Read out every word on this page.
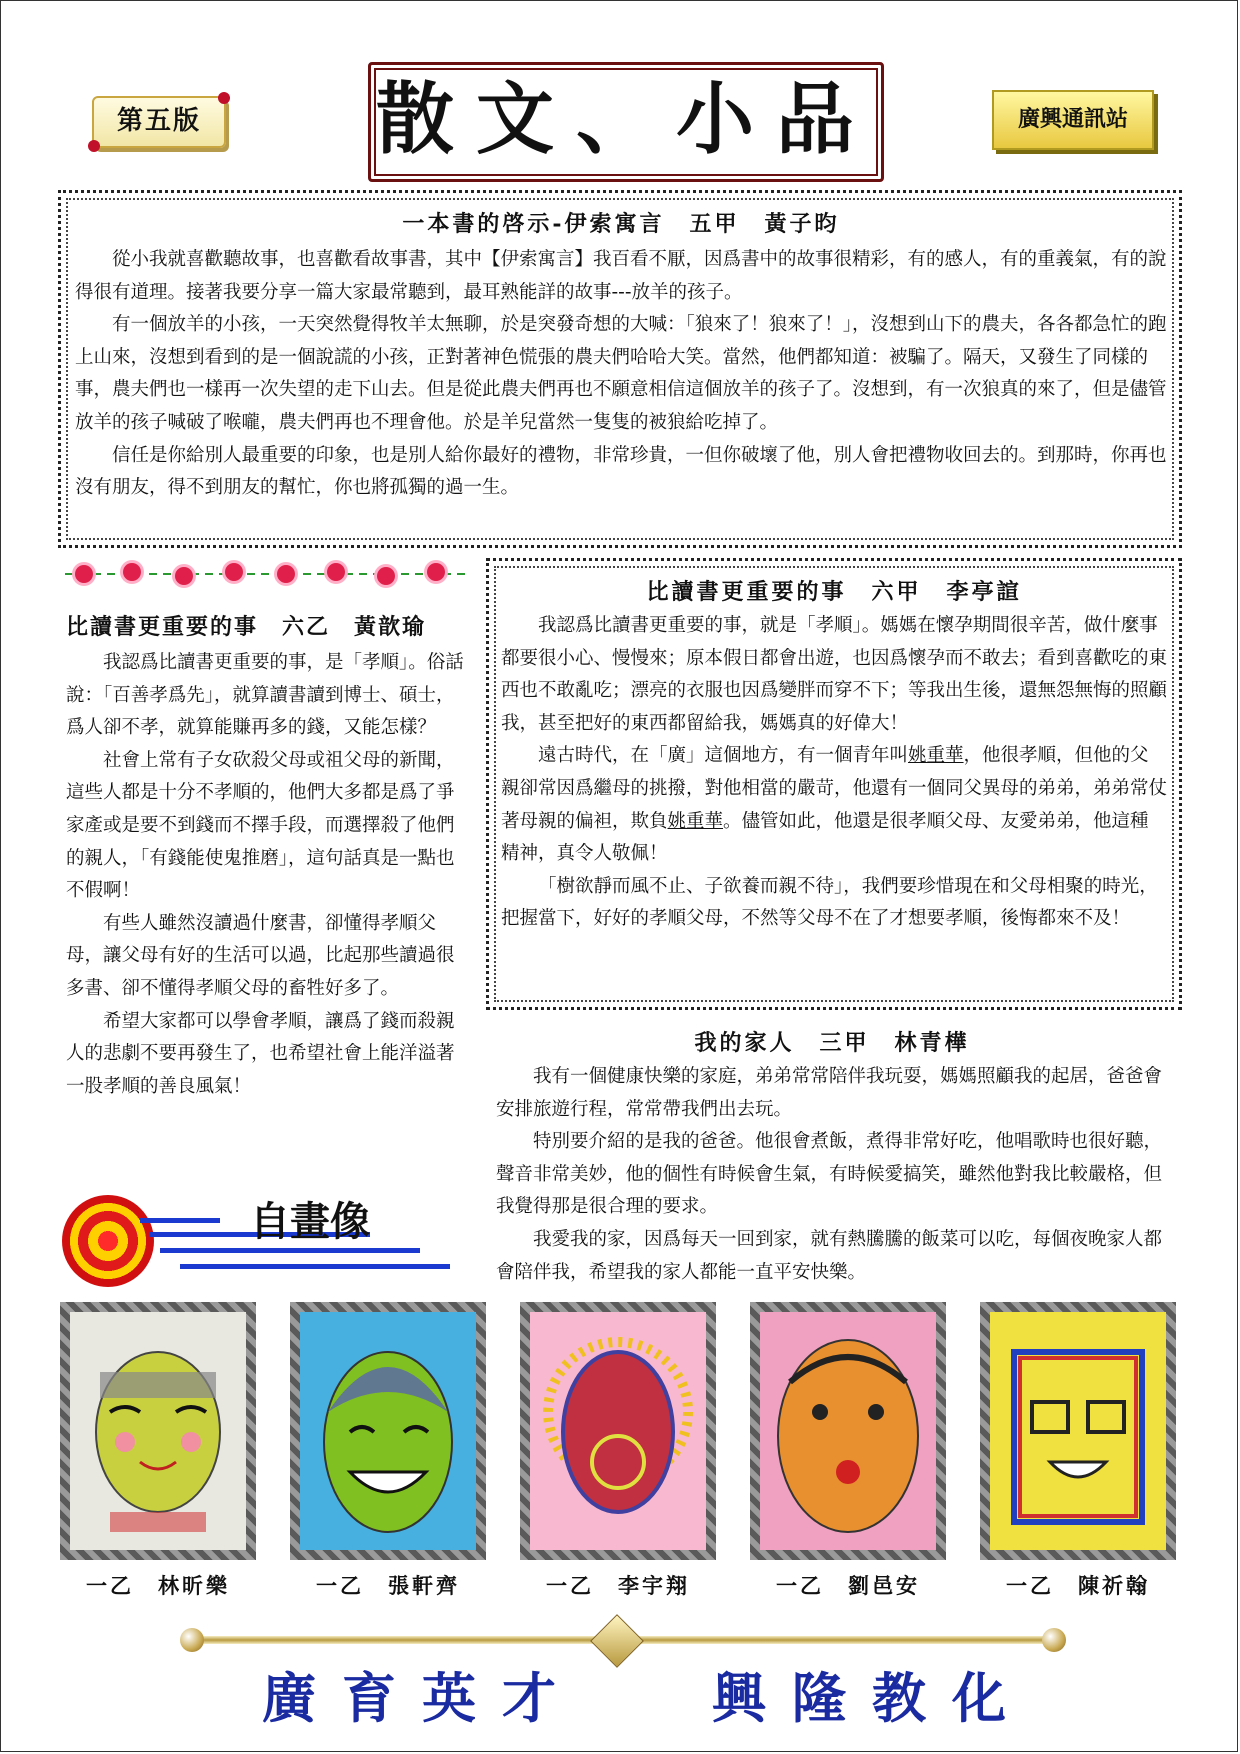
第五版	散文、小品	廣興通訊站
一本書的啓示-伊索寓言　五甲　黃子昀

從小我就喜歡聽故事，也喜歡看故事書，其中【伊索寓言】我百看不厭，因爲書中的故事很精彩，有的感人，有的重義氣，有的說得很有道理。接著我要分享一篇大家最常聽到，最耳熟能詳的故事---放羊的孩子。

有一個放羊的小孩，一天突然覺得牧羊太無聊，於是突發奇想的大喊：「狼來了！狼來了！」，沒想到山下的農夫，各各都急忙的跑上山來，沒想到看到的是一個說謊的小孩，正對著神色慌張的農夫們哈哈大笑。當然，他們都知道：被騙了。隔天，又發生了同樣的事，農夫們也一樣再一次失望的走下山去。但是從此農夫們再也不願意相信這個放羊的孩子了。沒想到，有一次狼真的來了，但是儘管放羊的孩子喊破了喉嚨，農夫們再也不理會他。於是羊兒當然一隻隻的被狼給吃掉了。

信任是你給別人最重要的印象，也是別人給你最好的禮物，非常珍貴，一但你破壞了他，別人會把禮物收回去的。到那時，你再也沒有朋友，得不到朋友的幫忙，你也將孤獨的過一生。

比讀書更重要的事　六乙　黃歆瑜

我認爲比讀書更重要的事，是「孝順」。俗話說：「百善孝爲先」，就算讀書讀到博士、碩士，爲人卻不孝，就算能賺再多的錢，又能怎樣？

社會上常有子女砍殺父母或祖父母的新聞，這些人都是十分不孝順的，他們大多都是爲了爭家產或是要不到錢而不擇手段，而選擇殺了他們的親人，「有錢能使鬼推磨」，這句話真是一點也不假啊！

有些人雖然沒讀過什麼書，卻懂得孝順父母，讓父母有好的生活可以過，比起那些讀過很多書、卻不懂得孝順父母的畜牲好多了。

希望大家都可以學會孝順，讓爲了錢而殺親人的悲劇不要再發生了，也希望社會上能洋溢著一股孝順的善良風氣！

比讀書更重要的事　六甲　李亭諠

我認爲比讀書更重要的事，就是「孝順」。媽媽在懷孕期間很辛苦，做什麼事都要很小心、慢慢來；原本假日都會出遊，也因爲懷孕而不敢去；看到喜歡吃的東西也不敢亂吃；漂亮的衣服也因爲變胖而穿不下；等我出生後，還無怨無悔的照顧我，甚至把好的東西都留給我，媽媽真的好偉大！

遠古時代，在「廣」這個地方，有一個青年叫姚重華，他很孝順，但他的父親卻常因爲繼母的挑撥，對他相當的嚴苛，他還有一個同父異母的弟弟，弟弟常仗著母親的偏袒，欺負姚重華。儘管如此，他還是很孝順父母、友愛弟弟，他這種精神，真令人敬佩！

「樹欲靜而風不止、子欲養而親不待」，我們要珍惜現在和父母相聚的時光，把握當下，好好的孝順父母，不然等父母不在了才想要孝順，後悔都來不及！

我的家人　三甲　林青樺

我有一個健康快樂的家庭，弟弟常常陪伴我玩耍，媽媽照顧我的起居，爸爸會安排旅遊行程，常常帶我們出去玩。

特別要介紹的是我的爸爸。他很會煮飯，煮得非常好吃，他唱歌時也很好聽，聲音非常美妙，他的個性有時候會生氣，有時候愛搞笑，雖然他對我比較嚴格，但我覺得那是很合理的要求。

我愛我的家，因爲每天一回到家，就有熱騰騰的飯菜可以吃，每個夜晚家人都會陪伴我，希望我的家人都能一直平安快樂。

自畫像
一乙　林昕樂	一乙　張軒齊	一乙　李宇翔	一乙　劉邑安	一乙　陳祈翰
廣育英才 興隆教化
